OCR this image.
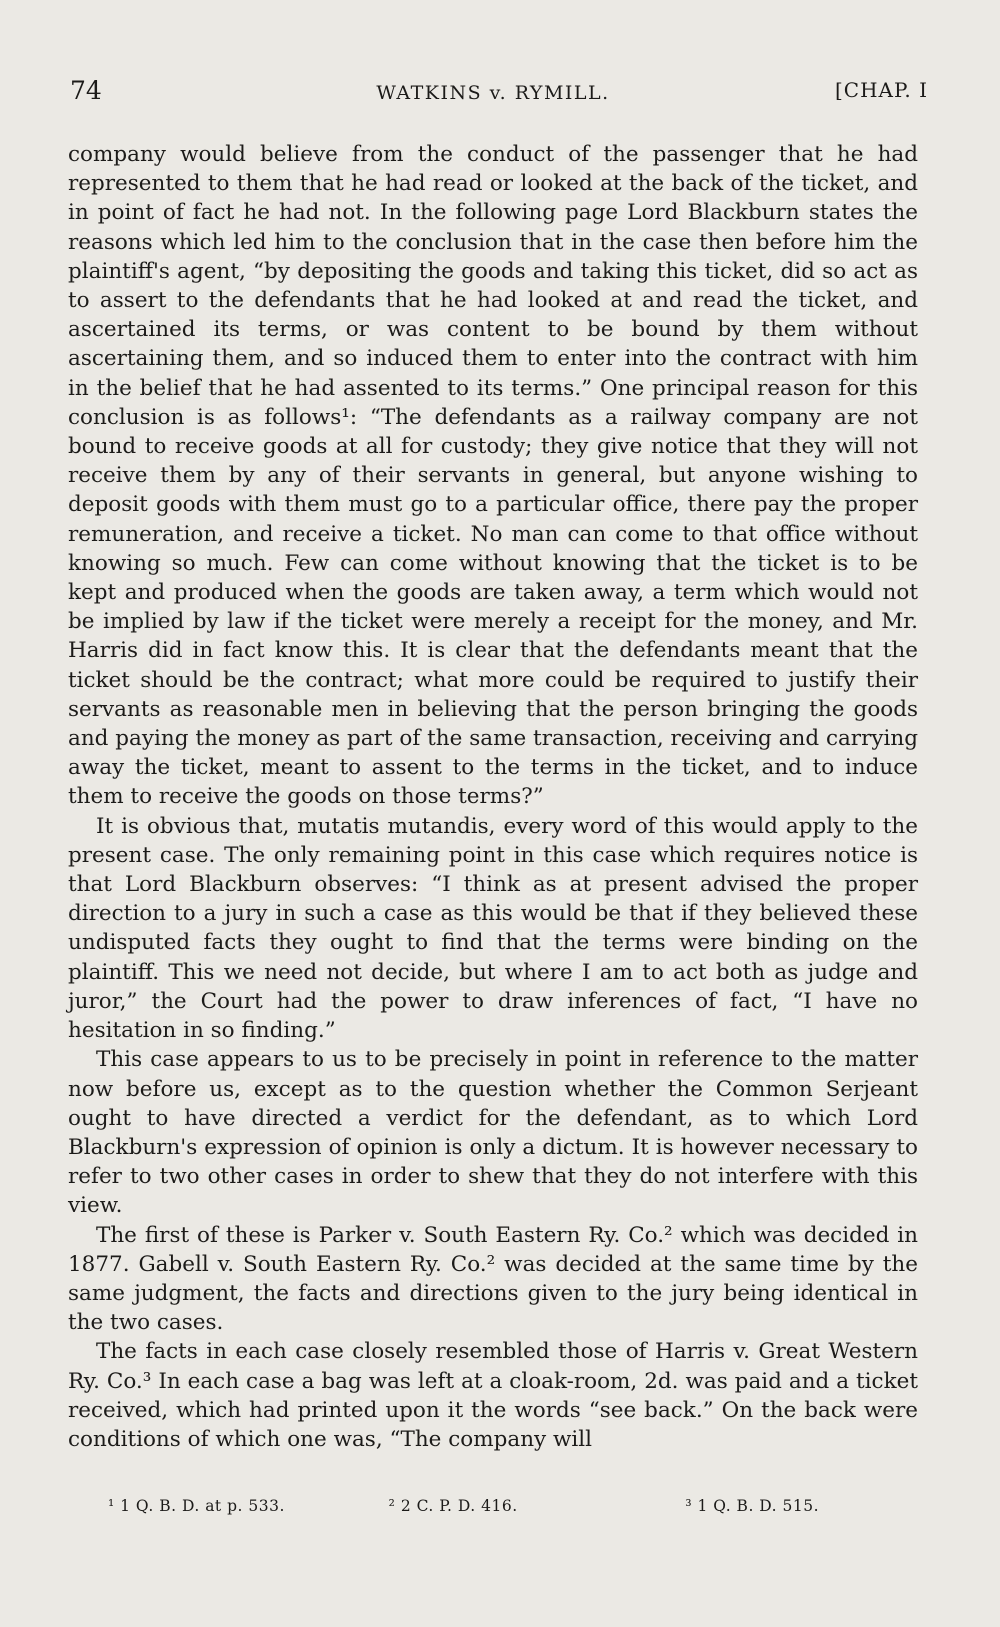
74	WATKINS v. RYMILL.	[CHAP. I

company would believe from the conduct of the passenger that he had represented to them that he had read or looked at the back of the ticket, and in point of fact he had not. In the following page Lord Blackburn states the reasons which led him to the conclusion that in the case then before him the plaintiff's agent, “by depositing the goods and taking this ticket, did so act as to assert to the defendants that he had looked at and read the ticket, and ascertained its terms, or was content to be bound by them without ascertaining them, and so induced them to enter into the contract with him in the belief that he had assented to its terms.” One principal reason for this conclusion is as follows¹: “The defendants as a railway company are not bound to receive goods at all for custody; they give notice that they will not receive them by any of their servants in general, but anyone wishing to deposit goods with them must go to a particular office, there pay the proper remuneration, and receive a ticket. No man can come to that office without knowing so much. Few can come without knowing that the ticket is to be kept and produced when the goods are taken away, a term which would not be implied by law if the ticket were merely a receipt for the money, and Mr. Harris did in fact know this. It is clear that the defendants meant that the ticket should be the contract; what more could be required to justify their servants as reasonable men in believing that the person bringing the goods and paying the money as part of the same transaction, receiving and carrying away the ticket, meant to assent to the terms in the ticket, and to induce them to receive the goods on those terms?”

It is obvious that, mutatis mutandis, every word of this would apply to the present case. The only remaining point in this case which requires notice is that Lord Blackburn observes: “I think as at present advised the proper direction to a jury in such a case as this would be that if they believed these undisputed facts they ought to find that the terms were binding on the plaintiff. This we need not decide, but where I am to act both as judge and juror,” the Court had the power to draw inferences of fact, “I have no hesitation in so finding.”

This case appears to us to be precisely in point in reference to the matter now before us, except as to the question whether the Common Serjeant ought to have directed a verdict for the defendant, as to which Lord Blackburn's expression of opinion is only a dictum. It is however necessary to refer to two other cases in order to shew that they do not interfere with this view.

The first of these is Parker v. South Eastern Ry. Co.² which was decided in 1877. Gabell v. South Eastern Ry. Co.² was decided at the same time by the same judgment, the facts and directions given to the jury being identical in the two cases.

The facts in each case closely resembled those of Harris v. Great Western Ry. Co.³ In each case a bag was left at a cloak-room, 2d. was paid and a ticket received, which had printed upon it the words “see back.” On the back were conditions of which one was, “The company will

¹ 1 Q. B. D. at p. 533.	² 2 C. P. D. 416.	³ 1 Q. B. D. 515.
